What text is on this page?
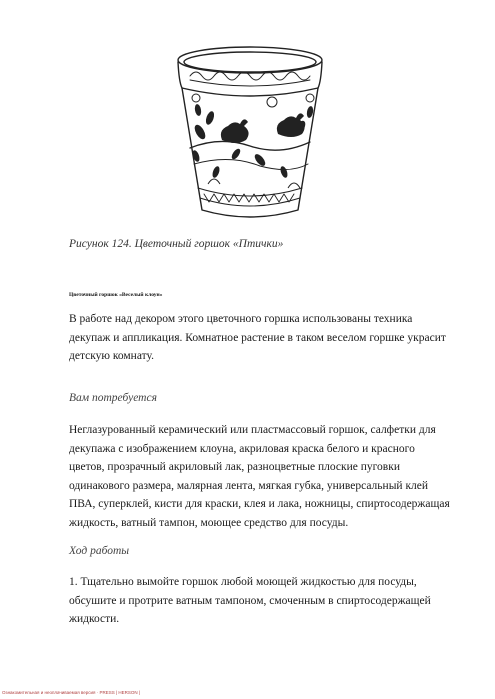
Рисунок 124. Цветочный горшок «Птички»
Цветочный горшок «Веселый клоун»
В работе над декором этого цветочного горшка использованы техника декупаж и аппликация. Комнатное растение в таком веселом горшке украсит детскую комнату.
Вам потребуется
Неглазурованный керамический или пластмассовый горшок, салфетки для декупажа с изображением клоуна, акриловая краска белого и красного цветов, прозрачный акриловый лак, разноцветные плоские пуговки одинакового размера, малярная лента, мягкая губка, универсальный клей ПВА, суперклей, кисти для краски, клея и лака, ножницы, спиртосодержащая жидкость, ватный тампон, моющее средство для посуды.
Ход работы
1. Тщательно вымойте горшок любой моющей жидкостью для посуды, обсушите и протрите ватным тампоном, смоченным в спиртосодержащей жидкости.
Ознакомительная и неоплачиваемая версия · PRESS | HERSON |
